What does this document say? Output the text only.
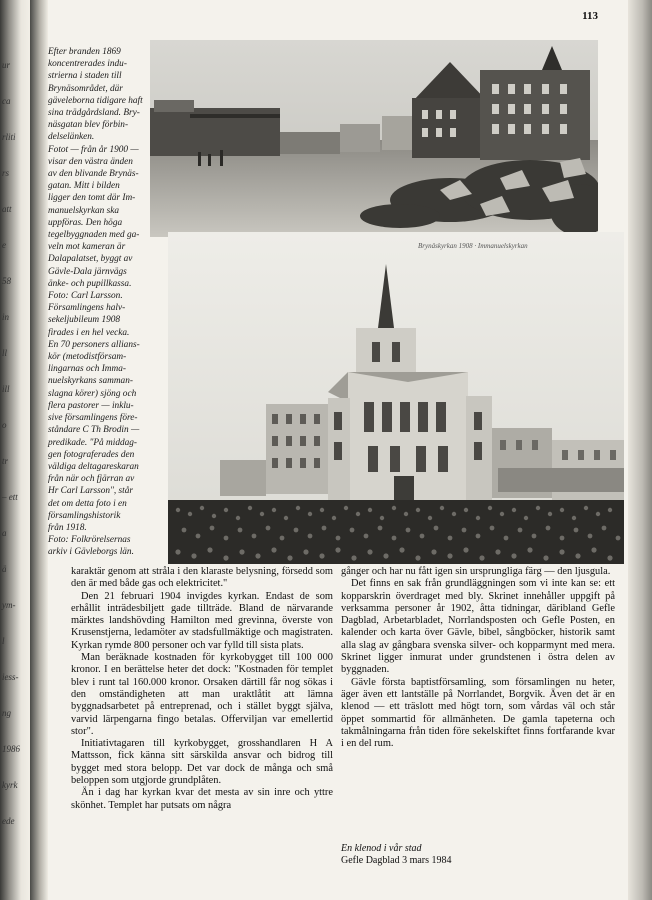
ur
ca
rliti
rs
att
e
58
in
ll
ill
o
tr
– ett
a
ä
ym-
l
iess-
ng
1986
kyrk
ede
113

Efter branden 1869

koncentrerades indu-

strierna i staden till

Brynäsområdet, där

gäveleborna tidigare haft

sina trädgårdsland. Bry-

näsgatan blev förbin-

delselänken.

Fotot — från år 1900 —

visar den västra änden

av den blivande Brynäs-

gatan. Mitt i bilden

ligger den tomt där Im-

manuelskyrkan ska

uppföras. Den höga

tegelbyggnaden med ga-

veln mot kameran är

Dalapalatset, byggt av

Gävle-Dala järnvägs

änke- och pupillkassa.

Foto: Carl Larsson.

Församlingens halv-

sekeljubileum 1908

firades i en hel vecka.

En 70 personers allians-

kör (metodistförsam-

lingarnas och Imma-

nuelskyrkans samman-

slagna körer) sjöng och

flera pastorer — inklu-

sive församlingens före-

ståndare C Th Brodin —

predikade. "På middag-

gen fotograferades den

väldiga deltagareskaran

från när och fjärran av

Hr Carl Larsson", står

det om detta foto i en

församlingshistorik

från 1918.

Foto: Folkrörelsernas

arkiv i Gävleborgs län.

Brynäskyrkan 1908 · Immanuelskyrkan

karaktär genom att stråla i den klaraste belysning, försedd som den är med både gas och elektricitet."

Den 21 februari 1904 invigdes kyrkan. Endast de som erhållit inträdesbiljett gade tillträde. Bland de närvarande märktes landshövding Hamilton med grevinna, överste von Krusenstjerna, ledamöter av stadsfullmäktige och magistraten. Kyrkan rymde 800 personer och var fylld till sista plats.

Man beräknade kostnaden för kyrkobygget till 100 000 kronor. I en berättelse heter det dock: "Kostnaden för templet blev i runt tal 160.000 kronor. Orsaken därtill får nog sökas i den omständigheten att man uraktlåtit att lämna byggnadsarbetet på entreprenad, och i stället byggt själva, varvid lärpengarna fingo betalas. Offervilјan var emellertid stor".

Initiativtagaren till kyrkobygget, grosshandlaren H A Mattsson, fick känna sitt särskilda ansvar och bidrog till bygget med stora belopp. Det var dock de många och små beloppen som utgjorde grundplåten.

Än i dag har kyrkan kvar det mesta av sin inre och yttre skönhet. Templet har putsats om några

gånger och har nu fått igen sin ursprungliga färg — den ljusgula.

Det finns en sak från grundläggningen som vi inte kan se: ett kopparskrin överdraget med bly. Skrinet innehåller uppgift på verksamma personer år 1902, åtta tidningar, däribland Gefle Dagblad, Arbetarbladet, Norrlandsposten och Gefle Posten, en kalender och karta över Gävle, bibel, sångböcker, historik samt alla slag av gångbara svenska silver- och kopparmynt med mera. Skrinet ligger inmurat under grundstenen i östra delen av byggnaden.

Gävle första baptistförsamling, som församlingen nu heter, äger även ett lantställe på Norrlandet, Borgvik. Även det är en klenod — ett träslott med högt torn, som vårdas väl och står öppet sommartid för allmänheten. De gamla tapeterna och takmålningarna från tiden före sekelskiftet finns fortfarande kvar i en del rum.

En klenod i vår stad
Gefle Dagblad 3 mars 1984
